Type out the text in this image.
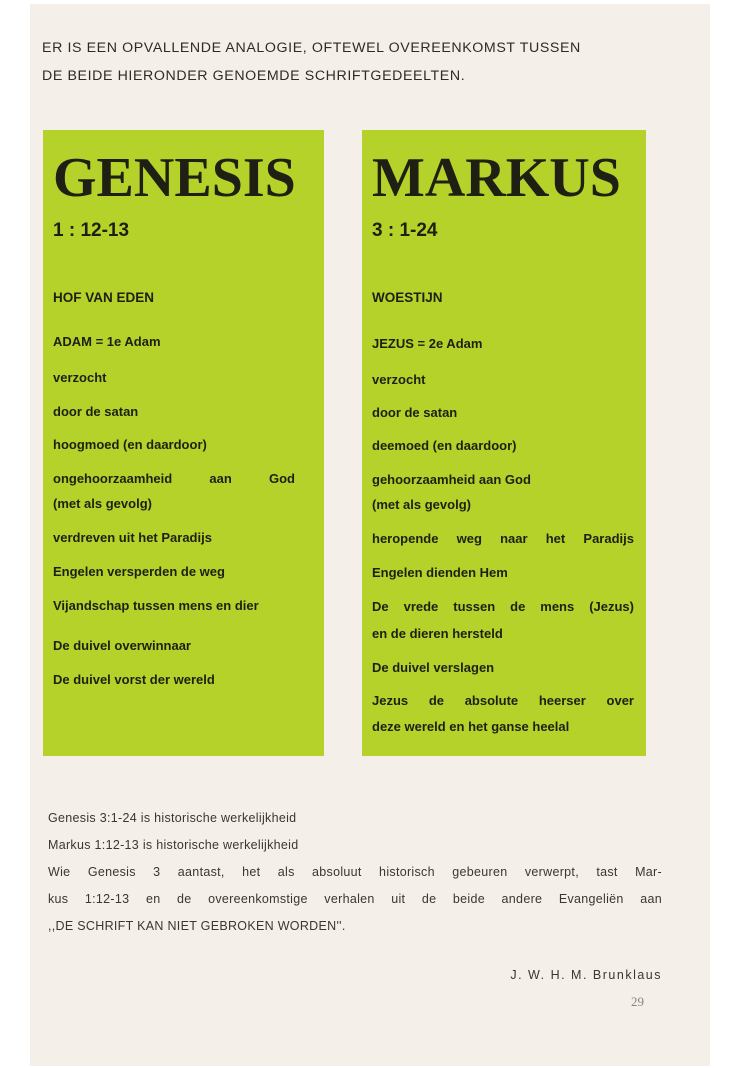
ER IS EEN OPVALLENDE ANALOGIE, OFTEWEL OVEREENKOMST TUSSEN
DE BEIDE HIERONDER GENOEMDE SCHRIFTGEDEELTEN.
GENESIS
1 : 12-13
HOF VAN EDEN
ADAM = 1e Adam
verzocht
door de satan
hoogmoed (en daardoor)
ongehoorzaamheid aan God
(met als gevolg)
verdreven uit het Paradijs
Engelen versperden de weg
Vijandschap tussen mens en dier
De duivel overwinnaar
De duivel vorst der wereld
MARKUS
3 : 1-24
WOESTIJN
JEZUS = 2e Adam
verzocht
door de satan
deemoed (en daardoor)
gehoorzaamheid aan God
(met als gevolg)
heropende weg naar het Paradijs
Engelen dienden Hem
De vrede tussen de mens (Jezus)
en de dieren hersteld
De duivel verslagen
Jezus de absolute heerser over
deze wereld en het ganse heelal
Genesis 3:1-24 is historische werkelijkheid
Markus 1:12-13 is historische werkelijkheid
Wie Genesis 3 aantast, het als absoluut historisch gebeuren verwerpt, tast Mar-
kus 1:12-13 en de overeenkomstige verhalen uit de beide andere Evangeliën aan
,,DE SCHRIFT KAN NIET GEBROKEN WORDEN''.
J. W. H. M. Brunklaus
29
